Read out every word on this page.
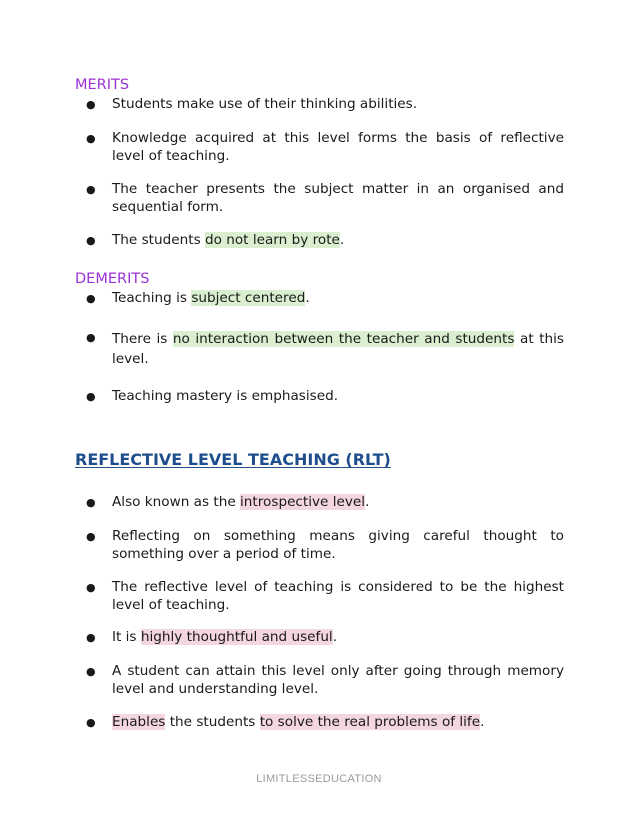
MERITS
●	Students make use of their thinking abilities.
●	Knowledge acquired at this level forms the basis of reflective level of teaching.
●	The teacher presents the subject matter in an organised and sequential form.
●	The students do not learn by rote.
DEMERITS
●	Teaching is subject centered.
●	There is no interaction between the teacher and students at this level.
●	Teaching mastery is emphasised.
REFLECTIVE LEVEL TEACHING (RLT)
●	Also known as the introspective level.
●	Reflecting on something means giving careful thought to something over a period of time.
●	The reflective level of teaching is considered to be the highest level of teaching.
●	It is highly thoughtful and useful.
●	A student can attain this level only after going through memory level and understanding level.
●	Enables the students to solve the real problems of life.
LIMITLESSEDUCATION
